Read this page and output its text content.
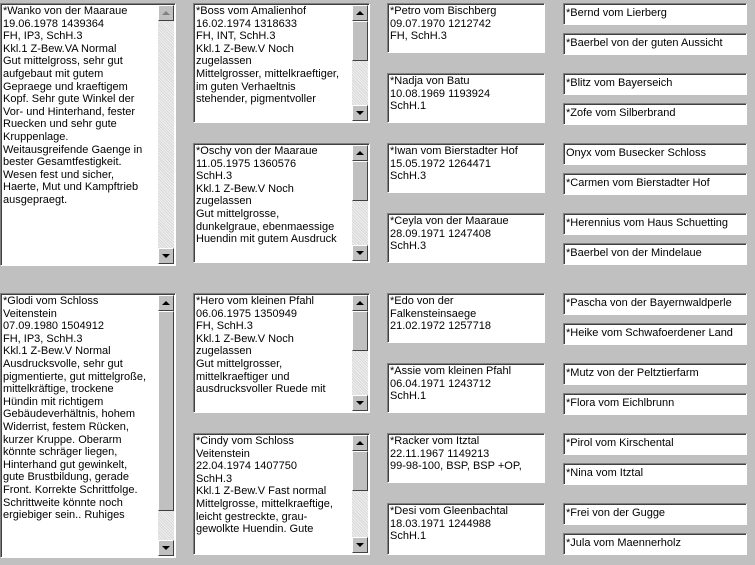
*Wanko von der Maaraue
19.06.1978 1439364
FH, IP3, SchH.3
Kkl.1 Z-Bew.VA Normal
Gut mittelgross, sehr gut
aufgebaut mit gutem
Gepraege und kraeftigem
Kopf. Sehr gute Winkel der
Vor- und Hinterhand, fester
Ruecken und sehr gute
Kruppenlage.
Weitausgreifende Gaenge in
bester Gesamtfestigkeit.
Wesen fest und sicher,
Haerte, Mut und Kampftrieb
ausgepraegt.
*Glodi vom Schloss
Veitenstein
07.09.1980 1504912
FH, IP3, SchH.3
Kkl.1 Z-Bew.V Normal
Ausdrucksvolle, sehr gut
pigmentierte, gut mittelgroße,
mittelkräftige, trockene
Hündin mit richtigem
Gebäudeverhältnis, hohem
Widerrist, festem Rücken,
kurzer Kruppe. Oberarm
könnte schräger liegen,
Hinterhand gut gewinkelt,
gute Brustbildung, gerade
Front. Korrekte Schrittfolge.
Schrittweite könnte noch
ergiebiger sein.. Ruhiges
*Boss vom Amalienhof
16.02.1974 1318633
FH, INT, SchH.3
Kkl.1 Z-Bew.V Noch
zugelassen
Mittelgrosser, mittelkraeftiger,
im guten Verhaeltnis
stehender, pigmentvoller
*Oschy von der Maaraue
11.05.1975 1360576
SchH.3
Kkl.1 Z-Bew.V Noch
zugelassen
Gut mittelgrosse,
dunkelgraue, ebenmaessige
Huendin mit gutem Ausdruck
*Hero vom kleinen Pfahl
06.06.1975 1350949
FH, SchH.3
Kkl.1 Z-Bew.V Noch
zugelassen
Gut mittelgrosser,
mittelkraeftiger und
ausdrucksvoller Ruede mit
*Cindy vom Schloss
Veitenstein
22.04.1974 1407750
SchH.3
Kkl.1 Z-Bew.V Fast normal
Mittelgrosse, mittelkraeftige,
leicht gestreckte, grau-
gewolkte Huendin. Gute
*Petro vom Bischberg
09.07.1970 1212742
FH, SchH.3
*Nadja von Batu
10.08.1969 1193924
SchH.1
*Iwan vom Bierstadter Hof
15.05.1972 1264471
SchH.3
*Ceyla von der Maaraue
28.09.1971 1247408
SchH.3
*Edo von der
Falkensteinsaege
21.02.1972 1257718
*Assie vom kleinen Pfahl
06.04.1971 1243712
SchH.1
*Racker vom Itztal
22.11.1967 1149213
99-98-100, BSP, BSP +OP,
*Desi vom Gleenbachtal
18.03.1971 1244988
SchH.1
*Bernd vom Lierberg
*Baerbel von der guten Aussicht
*Blitz vom Bayerseich
*Zofe vom Silberbrand
Onyx vom Busecker Schloss
*Carmen vom Bierstadter Hof
*Herennius vom Haus Schuetting
*Baerbel von der Mindelaue
*Pascha von der Bayernwaldperle
*Heike vom Schwafoerdener Land
*Mutz von der Peltztierfarm
*Flora vom Eichlbrunn
*Pirol vom Kirschental
*Nina vom Itztal
*Frei von der Gugge
*Jula vom Maennerholz
